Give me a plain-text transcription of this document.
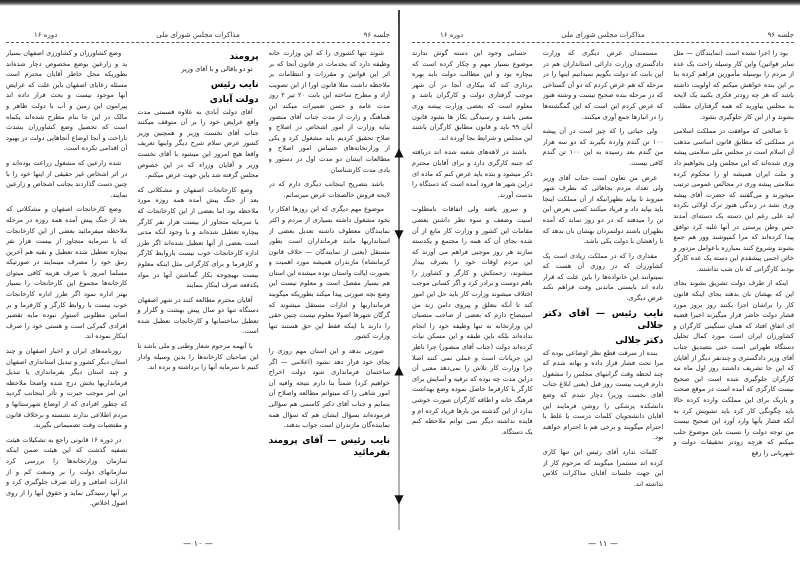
جلسه ۹۶
مذاکرات مجلس شورای ملی
دوره ۱۶

شوند تنها کشوری را که این وزارت خانه وظیفه دارد که بخدمات در قانون آنجا که بر اثر این قوانین و مقررات و انتظامات بر ملاحظه داشت مثلا قانون اورا از این تصویب آزاد و مطرح ساخته این بابت ۲۰ تیر ۲ روز مدت عامه و حسن تعمیرات میکند این هماهنگ و زارت از مدت جناب آقای منصور بنایه وزارت از امور اشخاص در اصلاح و صلاح تحقیق کردیم باید مشغول کرد و یکی از وزارتخانه‌های حساس امور اصلاح و مطالعات ایشان دو مدت اول در دستور و بادی مدت کارشناسان

باشد بتصریح اینجانب دیگری دارم که در لایحه فروش خالصجات عرض میرسانم.

موضوع مهم دیگری که این روزها افکار را بخود مشغول داشته بسیاری از مردم و اکثر نمایندگان معطوف داشته تعدیل بعضی از استانداریها مانند فرمانداران است بطور مستقل (یعنی از نمایندگان — خلاف قانون کرمانشاه) مازندران همیشه مورد اهمیت و بصورت ایالت واستان بوده میشده این استان هم بسیار مفصل است و معلوم نیست این وضع بچه صورتی پیدا میکند بطوریکه میگویند فرمانداریها و ادارات مستقل میشوند که گرگان شهرها اصولا معلوم نیست چنین حقی را دارند با اینکه فقط این حق هستند تنها وزارت کشور

صورتی بدهد و این استان مهم روزی را بجای خود قرار دهد نشود (اعلامی — اگر ساختمان فرمانداری شود دولت اخراج خواهیم کرد) ضمناً بنا دارم نتیجه وافیه آن امور شاهی را که میتوانم مطالعه واصلاح آن بنمایم و جناب آقای دکتر کاسمی هم سؤالی فرموده‌اند بسؤال ایشان هم که سؤال همه نماینده‌گان مازندران است جواب بدهند.

نایب رئیس — آقای پرومند بفرمائید
پرومند

تو دو باقالی و با آقای وزیر

نایب رئیس
دولت آبادی

آقای دولت آبادی به علاوه قسمتی مدت واقع عرایض خود را بر آن متوقف میکنند جناب آقای نخست وزیر و همچنین وزیر کشور عرض سلام شرح دیگر واینها تعریف واقعا هیچ امروز این میشود با آقای نخست وزیر و آقایان وزراء که در این خصوص مجلس گرفته شد باین جهت عرض میکنم.

وضع کارخانجات اصفهان و مشکلاتی که بعد از جنگ پیش آمده همه روزه مورد ملاحظه بود اما بعضی از این کارخانجات که با سرمایه متجاوز از بیست هزار نفر کارگر بیچاره تعطیل شده‌اند و با وجود آنکه مدتی است بعضی از آنها تعطیل شده‌اند اگر طرز اداره کارخانجات خوب نیست باروابط کارگر و کارفرما و برای کارگرانی مثل اینکه معلوم نیست بهیچوجه بکار گماشتن آنها در مواد یکدفعه صرف اینکار بنمایند

آقایان محترم مطالعه کنند در شهر اصفهان دستگاه تنها دو سال پیش بهشت و گلزار و تعطیل ساختمانها و کارخانجات تعطیل شده است.

با آنهمه مرحوم شعار وطنی و ملی باشد تا این صاحبان کارخانه‌ها را بدین وسیله وادار کنیم تا سرمایه آنها را برداشته و برده اند.

وضع کشاورزان و کشاورزی اصفهان بسیار بد و زارعین بوضع مخصوص دچار شده‌اند بطوریکه محل خاطر آقایان محترم است مسئله رعایای اصفهان باین علت که عرایض آنها موجود نیست و بحث قرار داده اند پیرامون این زمین و آب با دولت ظاهر و مالک در این جا بنام مطرح شده‌اند یکماه است که تحصیل وضع کشاورزان بشدت ناراحت و آنجا اوضاع آنجاهایی دولت در بهبود آن اقدامی نکرده است.

شده زارعین که مشغول زراعت بوده‌اند و در اثر اشخاص غیر حقیقی از اینها خود را با چنین دست گذاردند بجانب اشخاص و زارعین نمایند.

وضع کارخانجات اصفهان و مشکلاتی که بعد از جنگ پیش آمده همه روزه در مرحله ملاحظه میفرمائید بعضی از این کارخانجات که با سرمایه متجاوز از بیست هزار نفر بیچاره تعطیل شده تعطیل و بقیه هم آخرین رمق خود را مصرف مینمایند در صورتیکه مسلما امروز با صرف هزینه کافی میتوان کارخانه‌ها مجموع این کارخانجات را بسیار بهتر اداره نمود اگر طرز اداره کارخانجات خوب نیست با روابط کارگر و کارفرما و بر اساس مطلوبی استوار نبوده مایه تقصیر افرادی گمرکی است و هستی خود را صرف اینکار نموده اند.

روزنامه‌های ایران و اخبار اصفهان و چند استان دیگر کشور و تبدیل استانداری اصفهان و چند استان دیگر بفرمانداری یا تبدیل فرمانداریها بخش درج شده واضحا ملاحظه این امر موجب حیرت و تأثر اینجانب گردید که چطور افرادی که از اوضاع شهرستانها و مردم اطلاعی ندارند نشسته و برخلاف قانون و مقتضیات وقت تصمیماتی بگیرند.

در دوره ۱۶ قانونی راجع به تشکیلات هیئت تصفیه گذشت که این هیئت ضمن اینکه سازمان وزارتخانه‌ها را بررسی کرد سازمانهای دولت را بر وسعت کم و از ادارات اضافی و زائد صرف جلوگیری کرد و بر آنها رسیدگی نماید و حقوق آنها را از روی اصول اخلاص.

— ۱۰ —
▲
▼
▲
▼
جلسه ۹۶
مذاکرات مجلس شورای ملی
دوره ۱۶

بود را اجرا نشده است (نمایندگان — مثل سایر قوانین) واین کار وسیله راحت یک عده از مردم را بوسیله مأمورین فراهم کرده بنا بر این بنده خواهش میکنم که اولویت داشته باشد که هر چه زودتر فکری بکنید یک لایحه به مجلس بیاورید که همه گرفتاران مطلب بشوند و از این کار جلوگیری بشود.

تا صالحی که موافقت در مملکت اسلامی در مملکتی که مطابق قانون اساسی مذهب آن اسلام است در مجلس ملی سلامتی پیشه وری شده‌اند که این مجلس ولی بخواهیم داد و ملت ایران همیشه او را محکوم کرده سلامتی پیشه وری در مجالس عمومی ترتیب میخورند و می‌گفتند که حضرت آقای پیشه وری نشد در زندگی هنوز ترک اولائی نکرده اید علی رغم این دسته یک دسته‌ای آمدند حس وطن پرستی در آنها غلبه کرد توافق پیدا کرده‌اند که مرا کمپوشند وور هم جمع بشوند وشروع کنند بمبارزه باعوامل مزدور و خائن اجنبی پیشقدم این دسته یک عده کارگر بودند کارگرانی که نان شب نداشتند.

اینکه از طرف دولت تشریق بشوند بجای این که بهشان نان بدهند بجای اینکه قانون کار را براشان اجرا بکنند روز بروز مورد فشار دولت حاضر قرار میگیرند اخیرا قضیه ای اتفاق افتاد که همان سنگینی کارگران و کشاورزان ایران است مورد کمال تجلیل دستگاه طهرانی است حتی بتصدیق جناب آقای وزیر دادگستری و چندنفر دیگر از آقایان که این جا تشریف داشتند روز اول ماه مه کارگران جلوگیری شده است این صحیح نیست کارگری که آمده است در موقع صحت و باربک برای این مملکت وارده کرده حالا باید چگونگی کار کرد باید تشویش کرد به آنکه فشار بآنها وارد آورد این صحیح نیست من توجه دولت را نسبت باین موضوع جلب میکنم که هرچه زودتر تحقیقات دولت و شهربانی را رفع

مستمندان عرض دیگری که وزارت دادگستری وزارت دارائی استانداران هم در این بابت که دولت بگویم نمیدانیم اینها را در مرحله که هم عرض کردم که دو آن گستاخی که در مرحله بنده صحیح نیست و وشته هنوز که عرض کردم این است که این گمگشته‌ها را در انبارها جمع آوری میکنند.

ولی حیاتی را که چیز است در آن پیشه ۱۰۰ تن گندم وارده بگیرند که دو سه هزار من گندم بعد رسیده به این ۱۰۰ تن گندم کافی نیست.

عرض من تعاون است جناب آقای وزیر ولی تعداد مردم بجاهائی که بطرف شهر میروند تا بپاید بطهرانیکه از آن مملکت اینجا باید بپاید داد و فریاد میکنند کسی بعرض این تن را میدهند که در دو روز نماند که آمده بطهران باشند دولتمردان بهشان نان بدهد که تا راهشان با دولت یکی باشد.

مقداری را که در مملکت زیادی است یک کشاورزان که در روزی آن هست که نمیتوانند این خانواده‌ها را باین علت که قرار داده اند بایستی ماندنی وقت فراهم نکند عرض دیگری.

نایب رئیس — آقای دکتر جلالی
دکتر جلالی

بنده از سرقت قطع نظر اوضاعی بوده که مرا تحت فشار قرار داده و بهانه شدم که چند لحظه وقت گرانبهای مجلس را مشغول دارم قریب بیست روز قبل (یعنی ابلاغ جناب آقای نخست وزیر) دچار شدم که وضع دانشکده پزشکی را روشن فرمایند این آقایان دانشجویان کلمات درست یا غلط با احترام میگویند و برخی هم با احترام خواهند بود.

کلمات ندارد آقای رئیس این تنها کاری کرده اند مستمرا میگویند که مرحوم کار از این جهت جلسات آقایان مذاکرات کلاس نداشته اند.

حسابی وجود این دسته گوش ندارند موضوع بسیار مهم و چکار کرده است که بیچاره بود و این مطالب دولت باید بهره برداری کند که بیکاری آنجا در آن شهر موجب گرفتاری دولت و کارگران باشد و معلوم است که بعضی وزارت پیشه وری معنی باشد و رسیدگی بکار ها بشود قانون آبان ۹۹ باید و قانون مطابق کارگران باشند این مجلس و شرایط بجا آورده اند.

باشند در لاهه‌های شعبه شده اند دریافته که جنبه کارگری دارد و برای آقایان محترم ذکر میشود و بنده باید عرض کنم که ماده ای دراین شهر ها فرود آمده است که دستگاه را بدست آورند.

و سرور یافته ولی اتفاقات نامطلوب امنیت وضعف و سوء نظر داشتن بعضی مقامات این کشور و وزارت کار مانع از آن شده بجای آن که همه را مجتمع و یکدسته سازند هر روز موجبی فراهم می آورند که این مردم اوقات خود را بصرف بیدار میشوند، زحمتکش و کارگر و کشاورز را باهم دوست و برادر کرد و اگر کسانی موجب اختلاف میشوند وزارت کار باید حل این امور کند تا آنکه بتعلق و پیروی دامن زند من استیضاح دارم که بعضی از صاحب منصبان این وزارتخانه نه تنها وظیفه خود را انجام نداده‌اند بلکه باین طبقه و این مسکن نیات کرده‌اند دولت (جناب آقای منصور) چرا ناظر این جریانات است و عملی نمی کنند اصلا چرا وزارت کار تلاش را نمی‌دهد معنی آن دراین مدت چه بوده که ترفیه و آسایش برای کارگر با کارفرما حاصل نموده وضع بهداشت فرهنگ خانه و اطاقه کارگران صورت خوشی ندارد از این گذشته من بارها فریاد کرده ام و فایده نداشته دیگر نمی توانم ملاحظه کنم یک دستگاه.

— ۱۱ —
